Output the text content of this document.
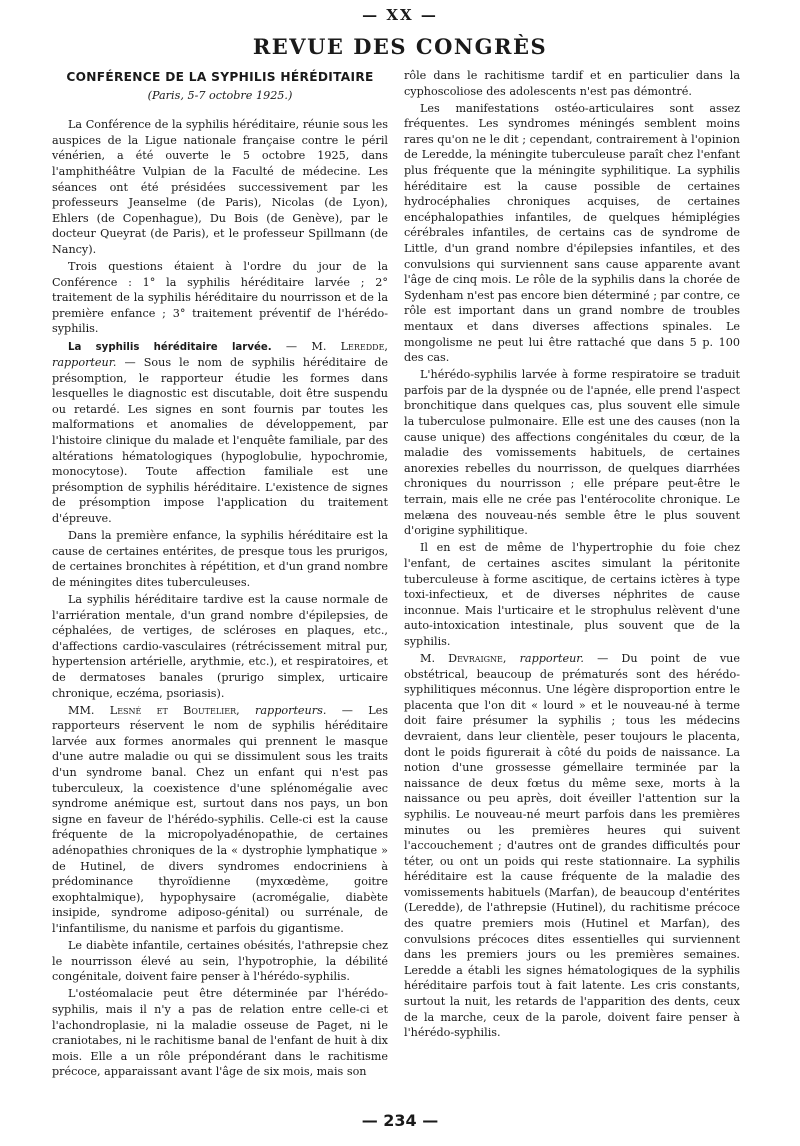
— XX —
REVUE DES CONGRÈS
CONFÉRENCE DE LA SYPHILIS HÉRÉDITAIRE
(Paris, 5-7 octobre 1925.)

La Conférence de la syphilis héréditaire, réunie sous les auspices de la Ligue nationale française contre le péril vénérien, a été ouverte le 5 octobre 1925, dans l'amphithéâtre Vulpian de la Faculté de médecine. Les séances ont été présidées successivement par les professeurs Jeanselme (de Paris), Nicolas (de Lyon), Ehlers (de Copenhague), Du Bois (de Genève), par le docteur Queyrat (de Paris), et le professeur Spillmann (de Nancy).

Trois questions étaient à l'ordre du jour de la Conférence : 1° la syphilis héréditaire larvée ; 2° traitement de la syphilis héréditaire du nourrisson et de la première enfance ; 3° traitement préventif de l'hérédo-syphilis.

La syphilis héréditaire larvée. — M. Leredde, rapporteur. — Sous le nom de syphilis héréditaire de présomption, le rapporteur étudie les formes dans lesquelles le diagnostic est discutable, doit être suspendu ou retardé. Les signes en sont fournis par toutes les malformations et anomalies de développement, par l'histoire clinique du malade et l'enquête familiale, par des altérations hématologiques (hypoglobulie, hypochromie, monocytose). Toute affection familiale est une présomption de syphilis héréditaire. L'existence de signes de présomption impose l'application du traitement d'épreuve.

Dans la première enfance, la syphilis héréditaire est la cause de certaines entérites, de presque tous les prurigos, de certaines bronchites à répétition, et d'un grand nombre de méningites dites tuberculeuses.

La syphilis héréditaire tardive est la cause normale de l'arriération mentale, d'un grand nombre d'épilepsies, de céphalées, de vertiges, de scléroses en plaques, etc., d'affections cardio-vasculaires (rétrécissement mitral pur, hypertension artérielle, arythmie, etc.), et respiratoires, et de dermatoses banales (prurigo simplex, urticaire chronique, eczéma, psoriasis).

MM. Lesné et Boutelier, rapporteurs. — Les rapporteurs réservent le nom de syphilis héréditaire larvée aux formes anormales qui prennent le masque d'une autre maladie ou qui se dissimulent sous les traits d'un syndrome banal. Chez un enfant qui n'est pas tuberculeux, la coexistence d'une splénomégalie avec syndrome anémique est, surtout dans nos pays, un bon signe en faveur de l'hérédo-syphilis. Celle-ci est la cause fréquente de la micropolyadénopathie, de certaines adénopathies chroniques de la « dystrophie lymphatique » de Hutinel, de divers syndromes endocriniens à prédominance thyroïdienne (myxœdème, goitre exophtalmique), hypophysaire (acromégalie, diabète insipide, syndrome adiposo-génital) ou surrénale, de l'infantilisme, du nanisme et parfois du gigantisme.

Le diabète infantile, certaines obésités, l'athrepsie chez le nourrisson élevé au sein, l'hypotrophie, la débilité congénitale, doivent faire penser à l'hérédo-syphilis.

L'ostéomalacie peut être déterminée par l'hérédo-syphilis, mais il n'y a pas de relation entre celle-ci et l'achondroplasie, ni la maladie osseuse de Paget, ni le craniotabes, ni le rachitisme banal de l'enfant de huit à dix mois. Elle a un rôle prépondérant dans le rachitisme précoce, apparaissant avant l'âge de six mois, mais son

rôle dans le rachitisme tardif et en particulier dans la cyphoscoliose des adolescents n'est pas démontré.

Les manifestations ostéo-articulaires sont assez fréquentes. Les syndromes méningés semblent moins rares qu'on ne le dit ; cependant, contrairement à l'opinion de Leredde, la méningite tuberculeuse paraît chez l'enfant plus fréquente que la méningite syphilitique. La syphilis héréditaire est la cause possible de certaines hydrocéphalies chroniques acquises, de certaines encéphalopathies infantiles, de quelques hémiplégies cérébrales infantiles, de certains cas de syndrome de Little, d'un grand nombre d'épilepsies infantiles, et des convulsions qui surviennent sans cause apparente avant l'âge de cinq mois. Le rôle de la syphilis dans la chorée de Sydenham n'est pas encore bien déterminé ; par contre, ce rôle est important dans un grand nombre de troubles mentaux et dans diverses affections spinales. Le mongolisme ne peut lui être rattaché que dans 5 p. 100 des cas.

L'hérédo-syphilis larvée à forme respiratoire se traduit parfois par de la dyspnée ou de l'apnée, elle prend l'aspect bronchitique dans quelques cas, plus souvent elle simule la tuberculose pulmonaire. Elle est une des causes (non la cause unique) des affections congénitales du cœur, de la maladie des vomissements habituels, de certaines anorexies rebelles du nourrisson, de quelques diarrhées chroniques du nourrisson ; elle prépare peut-être le terrain, mais elle ne crée pas l'entérocolite chronique. Le melæna des nouveau-nés semble être le plus souvent d'origine syphilitique.

Il en est de même de l'hypertrophie du foie chez l'enfant, de certaines ascites simulant la péritonite tuberculeuse à forme ascitique, de certains ictères à type toxi-infectieux, et de diverses néphrites de cause inconnue. Mais l'urticaire et le strophulus relèvent d'une auto-intoxication intestinale, plus souvent que de la syphilis.

M. Devraigne, rapporteur. — Du point de vue obstétrical, beaucoup de prématurés sont des hérédo-syphilitiques méconnus. Une légère disproportion entre le placenta que l'on dit « lourd » et le nouveau-né à terme doit faire présumer la syphilis ; tous les médecins devraient, dans leur clientèle, peser toujours le placenta, dont le poids figurerait à côté du poids de naissance. La notion d'une grossesse gémellaire terminée par la naissance de deux fœtus du même sexe, morts à la naissance ou peu après, doit éveiller l'attention sur la syphilis. Le nouveau-né meurt parfois dans les premières minutes ou les premières heures qui suivent l'accouchement ; d'autres ont de grandes difficultés pour téter, ou ont un poids qui reste stationnaire. La syphilis héréditaire est la cause fréquente de la maladie des vomissements habituels (Marfan), de beaucoup d'entérites (Leredde), de l'athrepsie (Hutinel), du rachitisme précoce des quatre premiers mois (Hutinel et Marfan), des convulsions précoces dites essentielles qui surviennent dans les premiers jours ou les premières semaines. Leredde a établi les signes hématologiques de la syphilis héréditaire parfois tout à fait latente. Les cris constants, surtout la nuit, les retards de l'apparition des dents, ceux de la marche, ceux de la parole, doivent faire penser à l'hérédo-syphilis.

— 234 —
